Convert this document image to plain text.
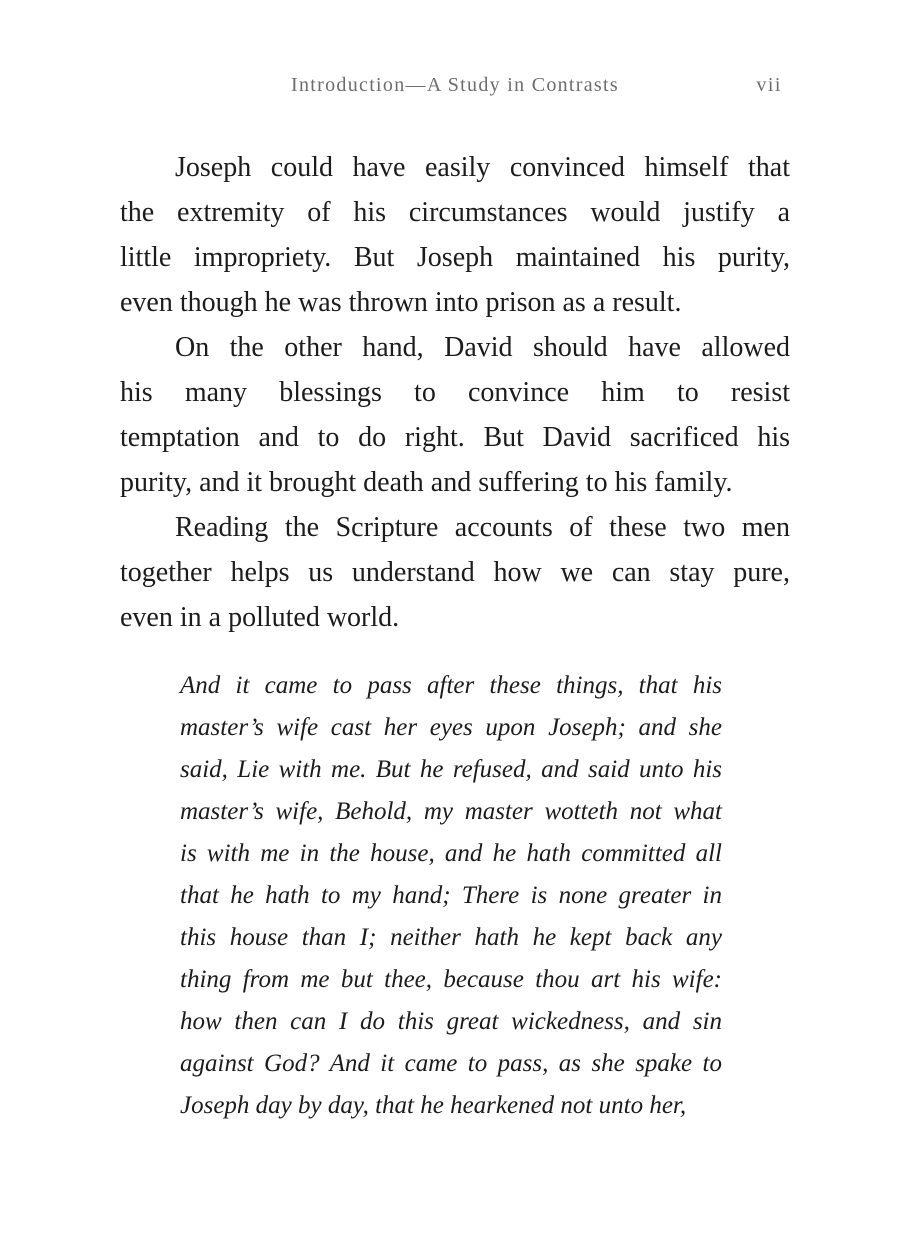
Introduction—A Study in Contrasts	vii
Joseph could have easily convinced himself that
the extremity of his circumstances would justify a
little impropriety. But Joseph maintained his purity,
even though he was thrown into prison as a result.
On the other hand, David should have allowed
his many blessings to convince him to resist
temptation and to do right. But David sacrificed his
purity, and it brought death and suffering to his family.
Reading the Scripture accounts of these two men
together helps us understand how we can stay pure,
even in a polluted world.
And it came to pass after these things, that his
master’s wife cast her eyes upon Joseph; and she
said, Lie with me. But he refused, and said unto his
master’s wife, Behold, my master wotteth not what
is with me in the house, and he hath committed all
that he hath to my hand; There is none greater in
this house than I; neither hath he kept back any
thing from me but thee, because thou art his wife:
how then can I do this great wickedness, and sin
against God? And it came to pass, as she spake to
Joseph day by day, that he hearkened not unto her,
